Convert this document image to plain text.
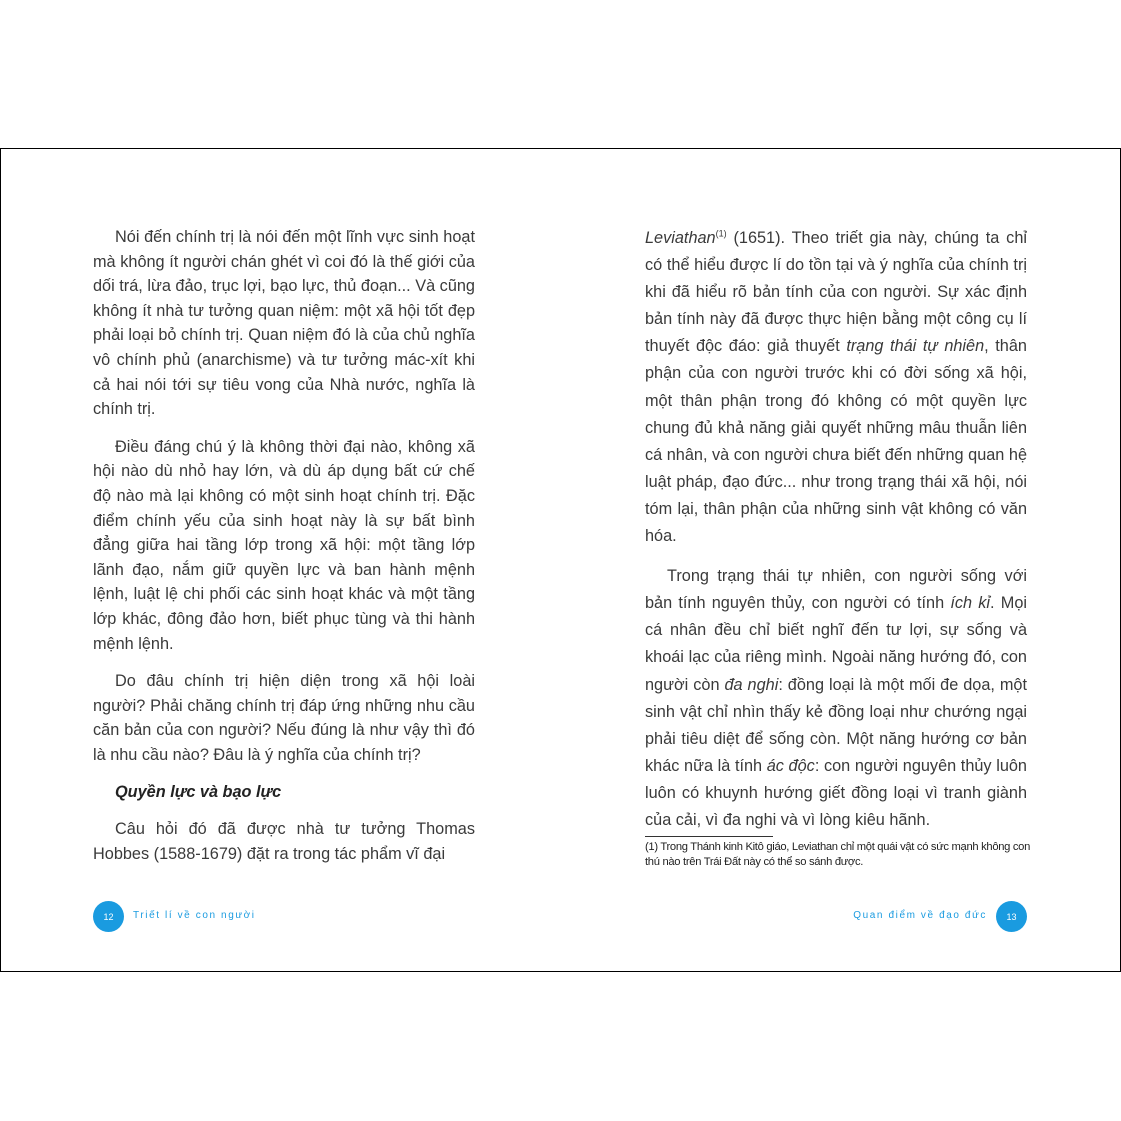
Nói đến chính trị là nói đến một lĩnh vực sinh hoạt mà không ít người chán ghét vì coi đó là thế giới của dối trá, lừa đảo, trục lợi, bạo lực, thủ đoạn... Và cũng không ít nhà tư tưởng quan niệm: một xã hội tốt đẹp phải loại bỏ chính trị. Quan niệm đó là của chủ nghĩa vô chính phủ (anarchisme) và tư tưởng mác-xít khi cả hai nói tới sự tiêu vong của Nhà nước, nghĩa là chính trị.

Điều đáng chú ý là không thời đại nào, không xã hội nào dù nhỏ hay lớn, và dù áp dụng bất cứ chế độ nào mà lại không có một sinh hoạt chính trị. Đặc điểm chính yếu của sinh hoạt này là sự bất bình đẳng giữa hai tầng lớp trong xã hội: một tầng lớp lãnh đạo, nắm giữ quyền lực và ban hành mệnh lệnh, luật lệ chi phối các sinh hoạt khác và một tầng lớp khác, đông đảo hơn, biết phục tùng và thi hành mệnh lệnh.

Do đâu chính trị hiện diện trong xã hội loài người? Phải chăng chính trị đáp ứng những nhu cầu căn bản của con người? Nếu đúng là như vậy thì đó là nhu cầu nào? Đâu là ý nghĩa của chính trị?

Quyền lực và bạo lực

Câu hỏi đó đã được nhà tư tưởng Thomas Hobbes (1588-1679) đặt ra trong tác phẩm vĩ đại

12	Triết lí về con người

Leviathan$^{(1)}$ (1651). Theo triết gia này, chúng ta chỉ có thể hiểu được lí do tồn tại và ý nghĩa của chính trị khi đã hiểu rõ bản tính của con người. Sự xác định bản tính này đã được thực hiện bằng một công cụ lí thuyết độc đáo: giả thuyết trạng thái tự nhiên, thân phận của con người trước khi có đời sống xã hội, một thân phận trong đó không có một quyền lực chung đủ khả năng giải quyết những mâu thuẫn liên cá nhân, và con người chưa biết đến những quan hệ luật pháp, đạo đức... như trong trạng thái xã hội, nói tóm lại, thân phận của những sinh vật không có văn hóa.

Trong trạng thái tự nhiên, con người sống với bản tính nguyên thủy, con người có tính ích kỉ. Mọi cá nhân đều chỉ biết nghĩ đến tư lợi, sự sống và khoái lạc của riêng mình. Ngoài năng hướng đó, con người còn đa nghi: đồng loại là một mối đe dọa, một sinh vật chỉ nhìn thấy kẻ đồng loại như chướng ngại phải tiêu diệt để sống còn. Một năng hướng cơ bản khác nữa là tính ác độc: con người nguyên thủy luôn luôn có khuynh hướng giết đồng loại vì tranh giành của cải, vì đa nghi và vì lòng kiêu hãnh.

(1) Trong Thánh kinh Kitô giáo, Leviathan chỉ một quái vật có sức mạnh không con thú nào trên Trái Đất này có thể so sánh được.
Quan điểm về đạo đức	13
